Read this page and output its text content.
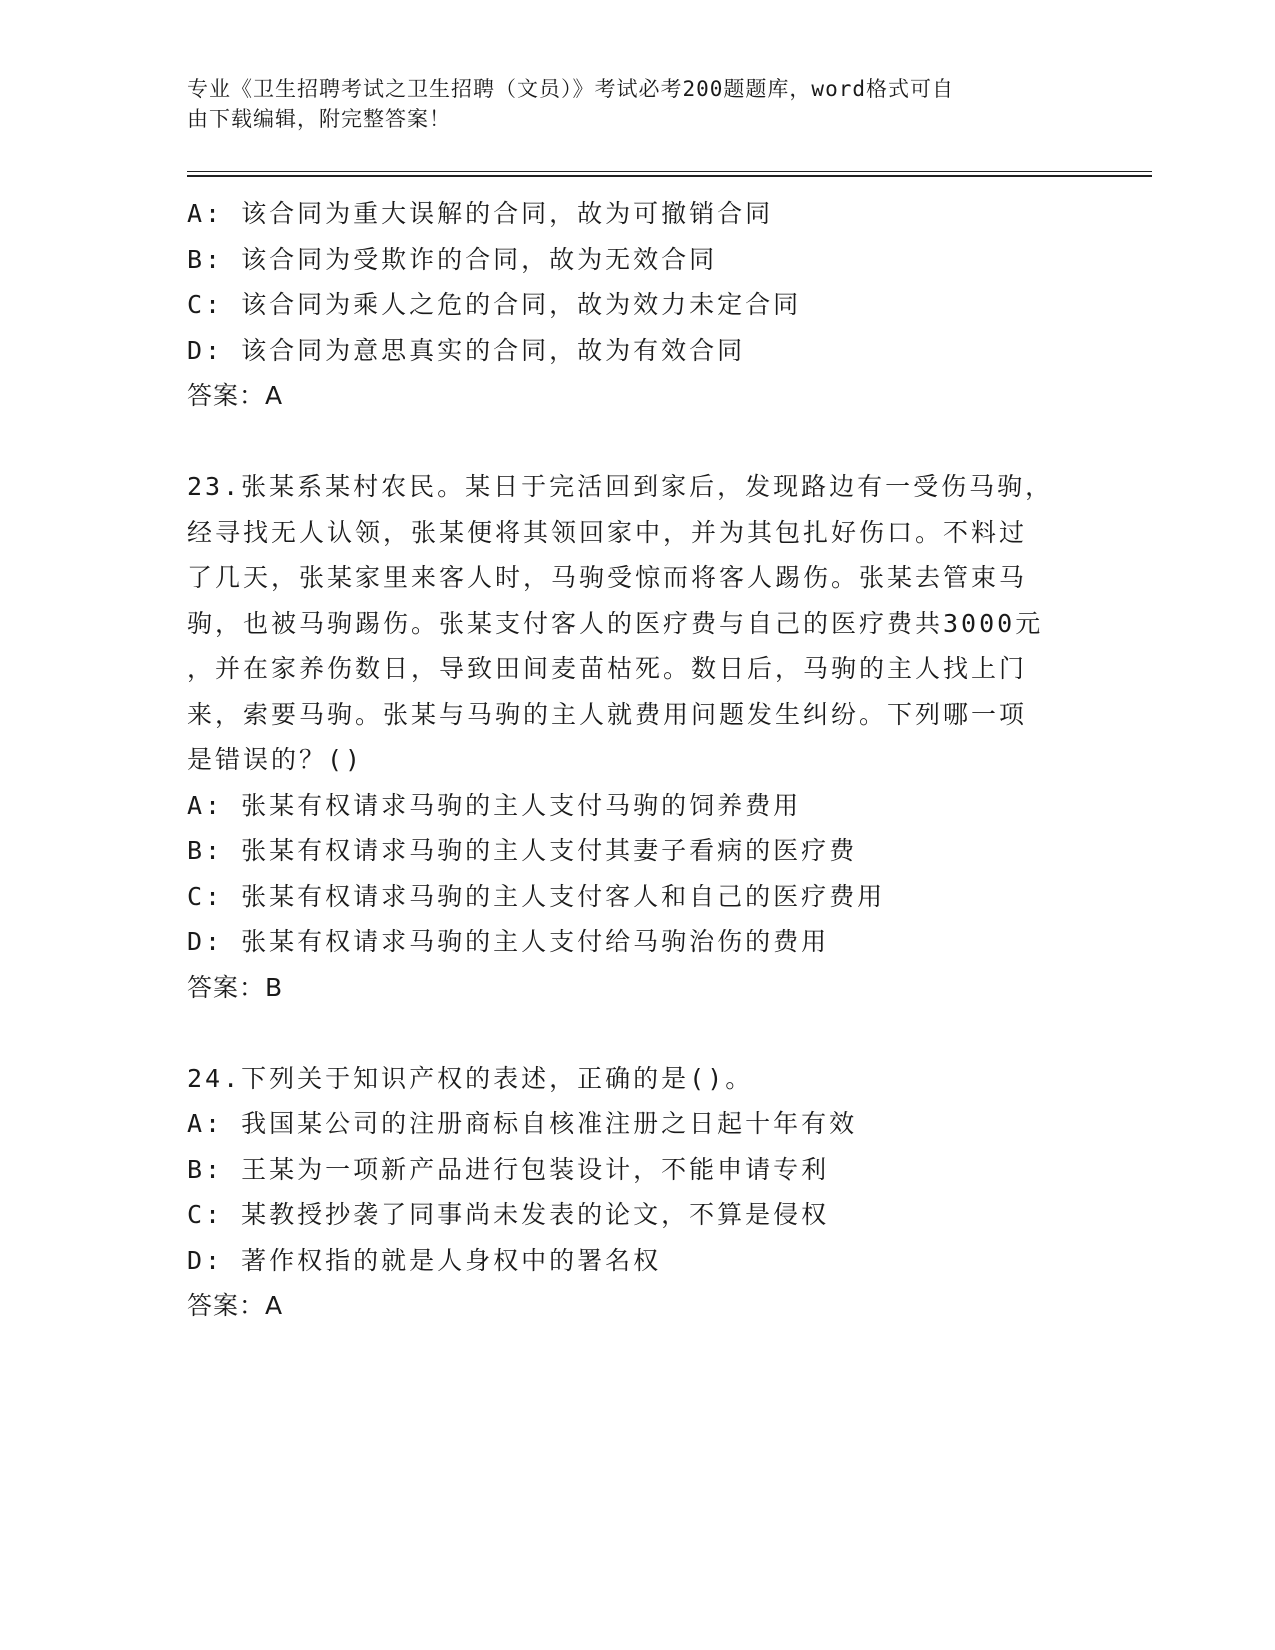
专业《卫生招聘考试之卫生招聘（文员）》考试必考200题题库，word格式可自
由下载编辑，附完整答案！
A: 该合同为重大误解的合同，故为可撤销合同
B: 该合同为受欺诈的合同，故为无效合同
C: 该合同为乘人之危的合同，故为效力未定合同
D: 该合同为意思真实的合同，故为有效合同
答案：A
23.张某系某村农民。某日于完活回到家后，发现路边有一受伤马驹，
经寻找无人认领，张某便将其领回家中，并为其包扎好伤口。不料过
了几天，张某家里来客人时，马驹受惊而将客人踢伤。张某去管束马
驹，也被马驹踢伤。张某支付客人的医疗费与自己的医疗费共3000元
，并在家养伤数日，导致田间麦苗枯死。数日后，马驹的主人找上门
来，索要马驹。张某与马驹的主人就费用问题发生纠纷。下列哪一项
是错误的？()
A: 张某有权请求马驹的主人支付马驹的饲养费用
B: 张某有权请求马驹的主人支付其妻子看病的医疗费
C: 张某有权请求马驹的主人支付客人和自己的医疗费用
D: 张某有权请求马驹的主人支付给马驹治伤的费用
答案：B
24.下列关于知识产权的表述，正确的是()。
A: 我国某公司的注册商标自核准注册之日起十年有效
B: 王某为一项新产品进行包装设计，不能申请专利
C: 某教授抄袭了同事尚未发表的论文，不算是侵权
D: 著作权指的就是人身权中的署名权
答案：A
